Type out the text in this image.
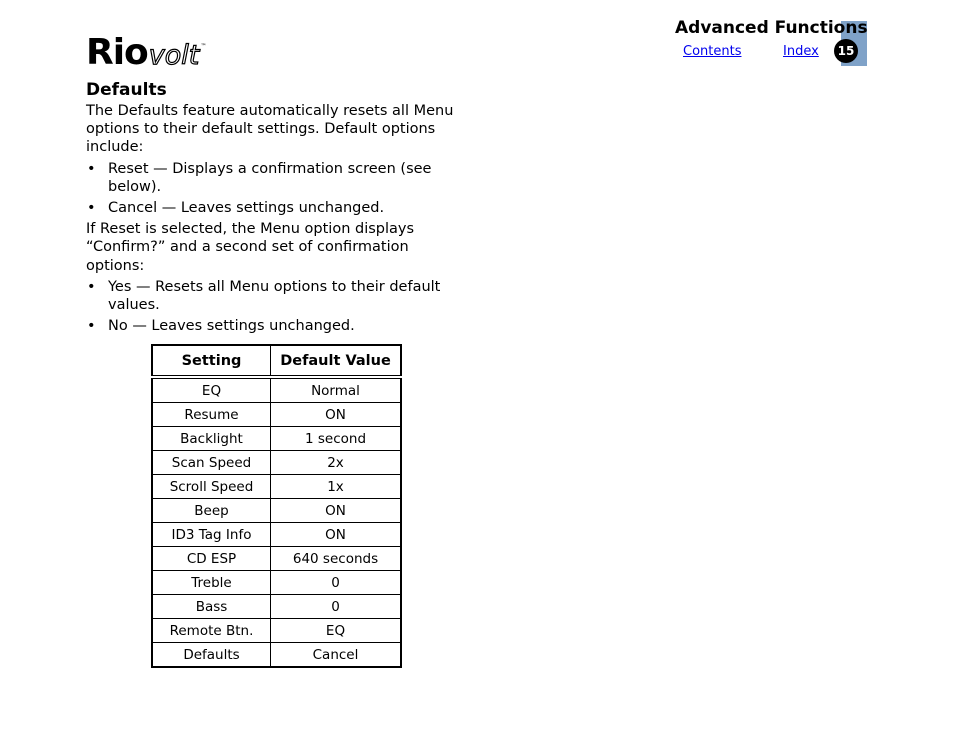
Rio volt ™
Advanced Functions
15
Contents	Index
Defaults

The Defaults feature automatically resets all Menu options to their default settings. Default options include:

• Reset — Displays a confirmation screen (see below).
• Cancel — Leaves settings unchanged.

If Reset is selected, the Menu option displays “Confirm?” and a second set of confirmation options:

• Yes — Resets all Menu options to their default values.
• No — Leaves settings unchanged.
Setting	Default Value
EQ	Normal
Resume	ON
Backlight	1 second
Scan Speed	2x
Scroll Speed	1x
Beep	ON
ID3 Tag Info	ON
CD ESP	640 seconds
Treble	0
Bass	0
Remote Btn.	EQ
Defaults	Cancel
